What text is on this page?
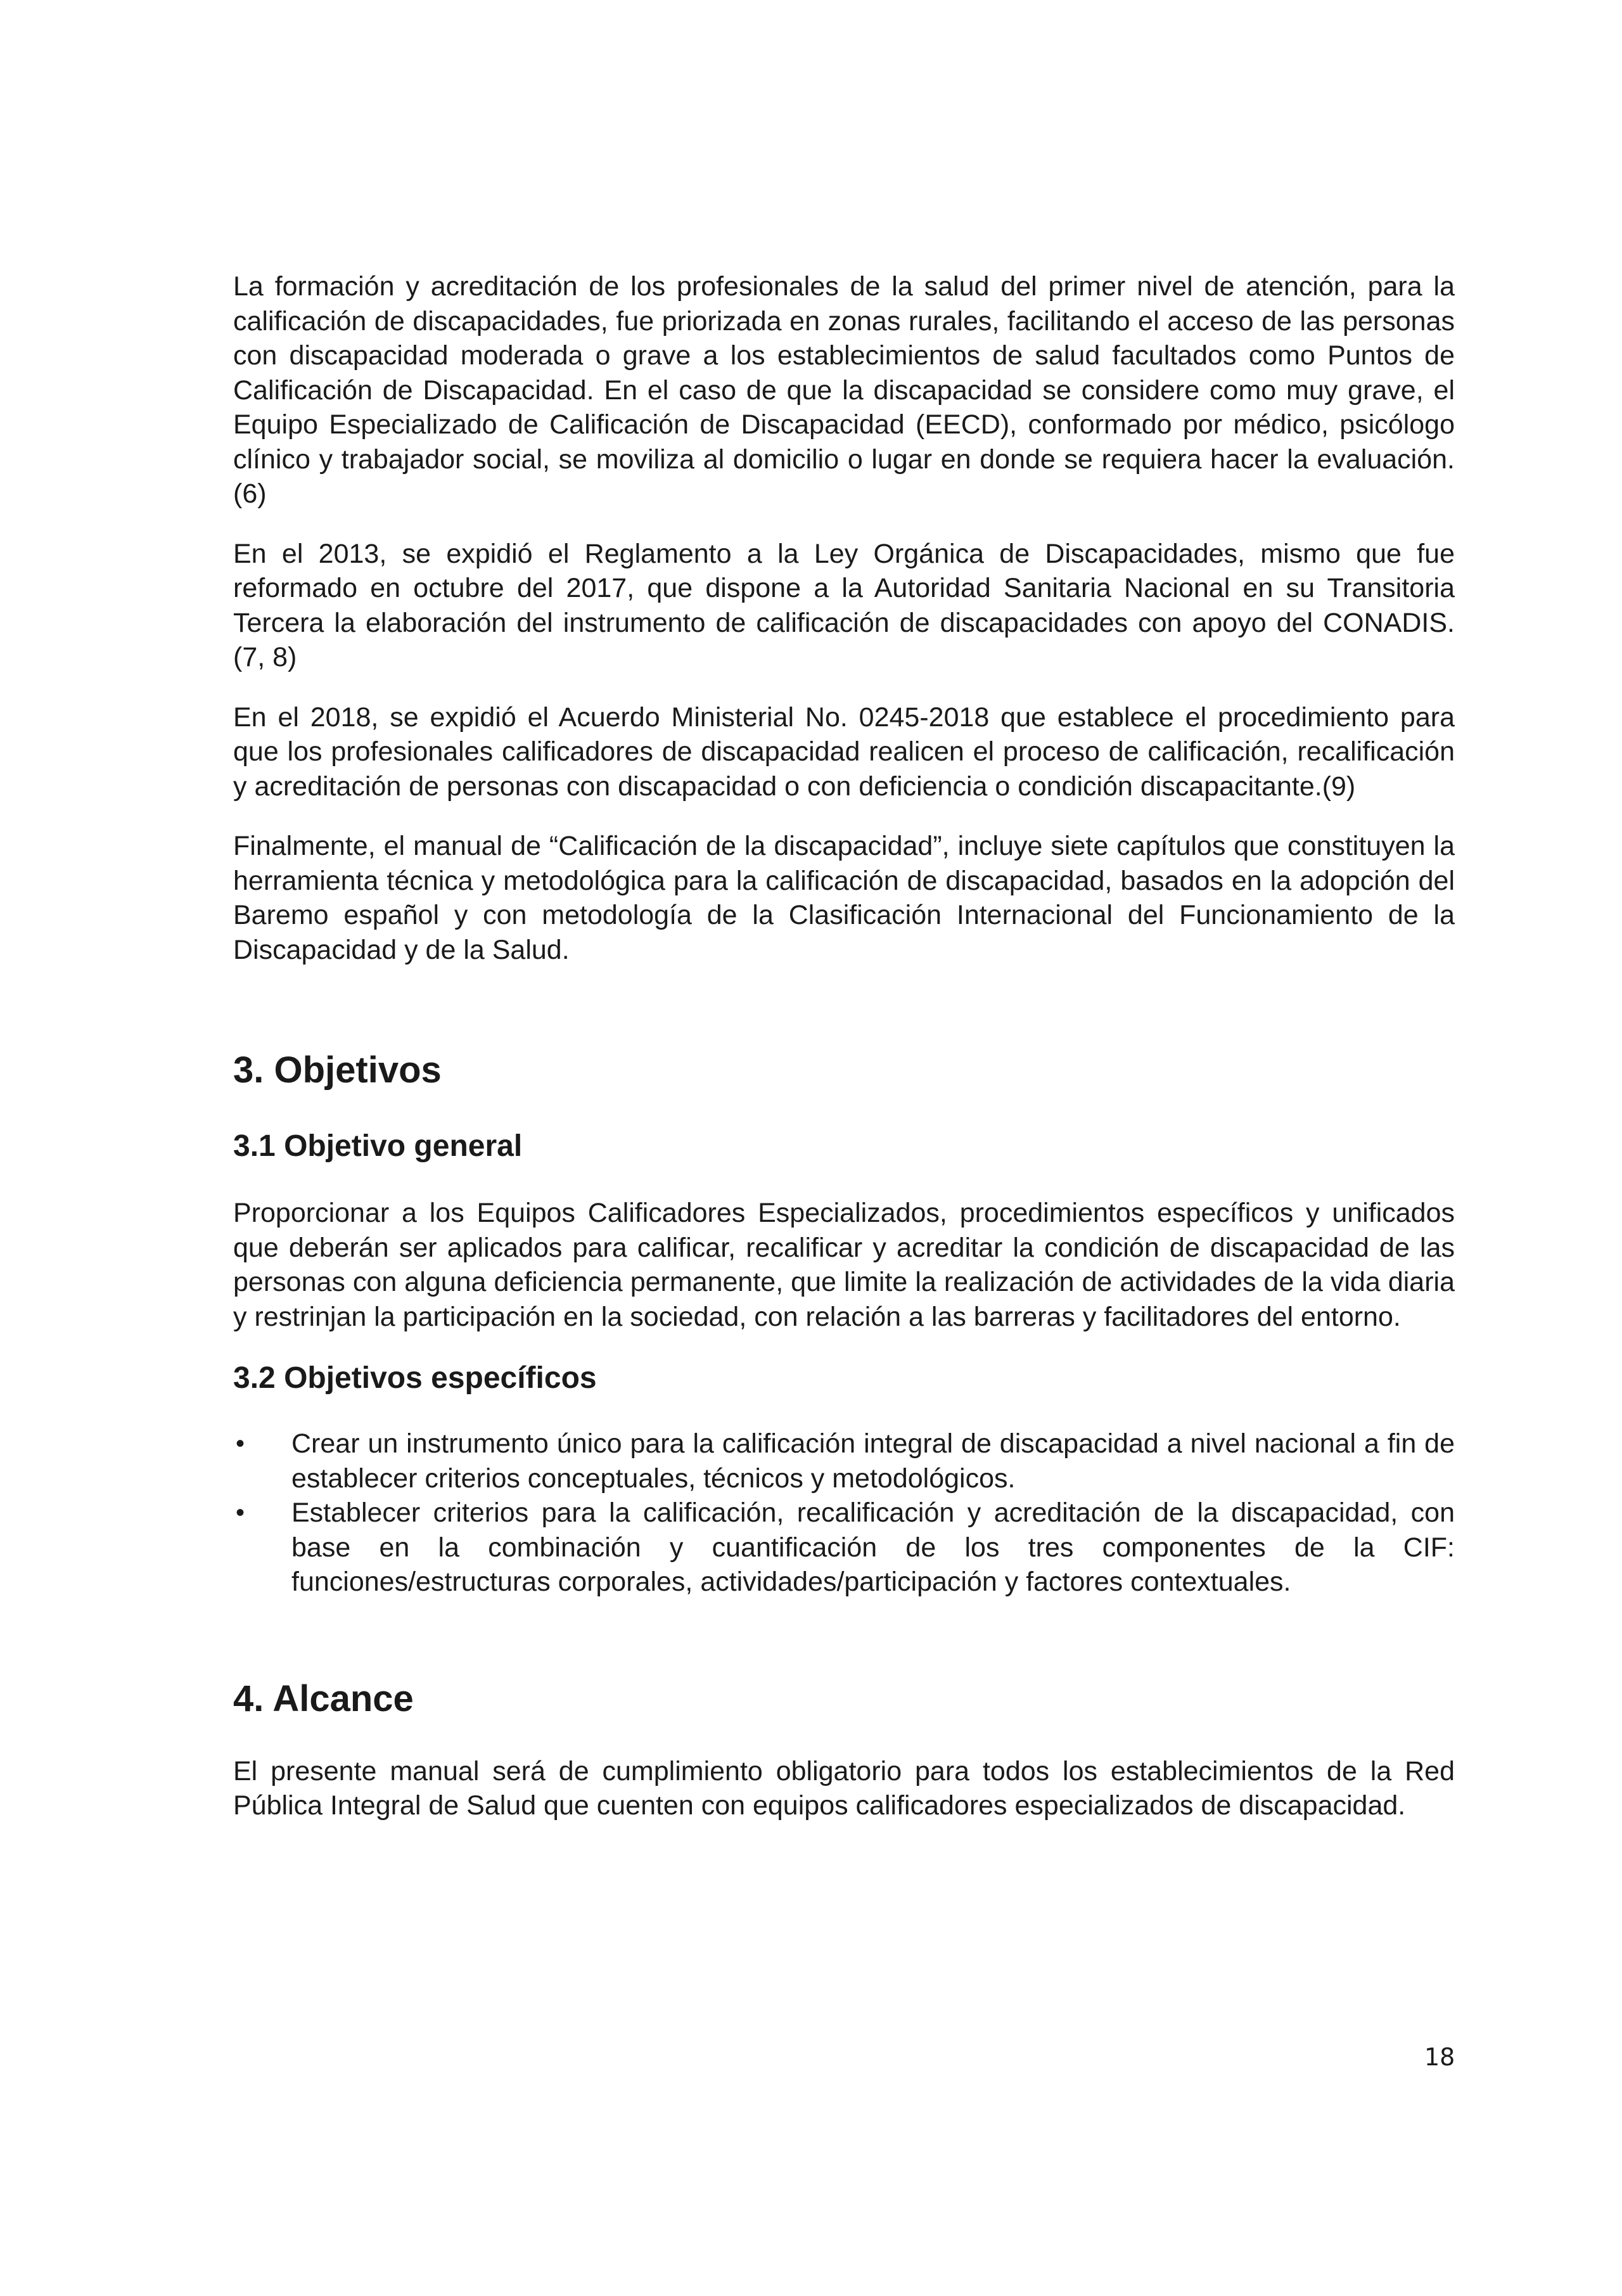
La formación y acreditación de los profesionales de la salud del primer nivel de atención, para la calificación de discapacidades, fue priorizada en zonas rurales, facilitando el acceso de las personas con discapacidad moderada o grave a los establecimientos de salud facultados como Puntos de Calificación de Discapacidad. En el caso de que la discapacidad se considere como muy grave, el Equipo Especializado de Calificación de Discapacidad (EECD), conformado por médico, psicólogo clínico y trabajador social, se moviliza al domicilio o lugar en donde se requiera hacer la evaluación. (6)

En el 2013, se expidió el Reglamento a la Ley Orgánica de Discapacidades, mismo que fue reformado en octubre del 2017, que dispone a la Autoridad Sanitaria Nacional en su Transitoria Tercera la elaboración del instrumento de calificación de discapacidades con apoyo del CONADIS. (7, 8)

En el 2018, se expidió el Acuerdo Ministerial No. 0245-2018 que establece el procedimiento para que los profesionales calificadores de discapacidad realicen el proceso de calificación, recalificación y acreditación de personas con discapacidad o con deficiencia o condición discapacitante.(9)

Finalmente, el manual de “Calificación de la discapacidad”, incluye siete capítulos que constituyen la herramienta técnica y metodológica para la calificación de discapacidad, basados en la adopción del Baremo español y con metodología de la Clasificación Internacional del Funcionamiento de la Discapacidad y de la Salud.

3. Objetivos
3.1 Objetivo general

Proporcionar a los Equipos Calificadores Especializados, procedimientos específicos y unificados que deberán ser aplicados para calificar, recalificar y acreditar la condición de discapacidad de las personas con alguna deficiencia permanente, que limite la realización de actividades de la vida diaria y restrinjan la participación en la sociedad, con relación a las barreras y facilitadores del entorno.

3.2 Objetivos específicos
• Crear un instrumento único para la calificación integral de discapacidad a nivel nacional a fin de establecer criterios conceptuales, técnicos y metodológicos.
• Establecer criterios para la calificación, recalificación y acreditación de la discapacidad, con base en la combinación y cuantificación de los tres componentes de la CIF: funciones/estructuras corporales, actividades/participación y factores contextuales.
4. Alcance

El presente manual será de cumplimiento obligatorio para todos los establecimientos de la Red Pública Integral de Salud que cuenten con equipos calificadores especializados de discapacidad.

18
